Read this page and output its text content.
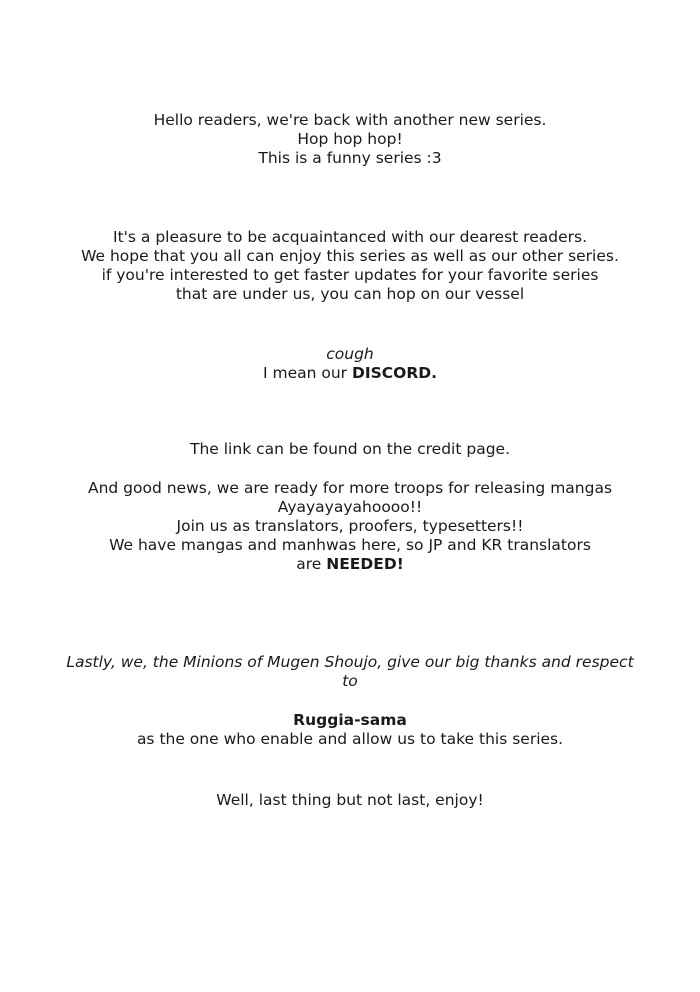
Hello readers, we're back with another new series.
Hop hop hop!
This is a funny series :3
It's a pleasure to be acquaintanced with our dearest readers.
We hope that you all can enjoy this series as well as our other series.
if you're interested to get faster updates for your favorite series
that are under us, you can hop on our vessel
cough
I mean our DISCORD.
The link can be found on the credit page.
And good news, we are ready for more troops for releasing mangas
Ayayayayahoooo!!
Join us as translators, proofers, typesetters!!
We have mangas and manhwas here, so JP and KR translators
are NEEDED!
Lastly, we, the Minions of Mugen Shoujo, give our big thanks and respect
to
Ruggia-sama
as the one who enable and allow us to take this series.
Well, last thing but not last, enjoy!
